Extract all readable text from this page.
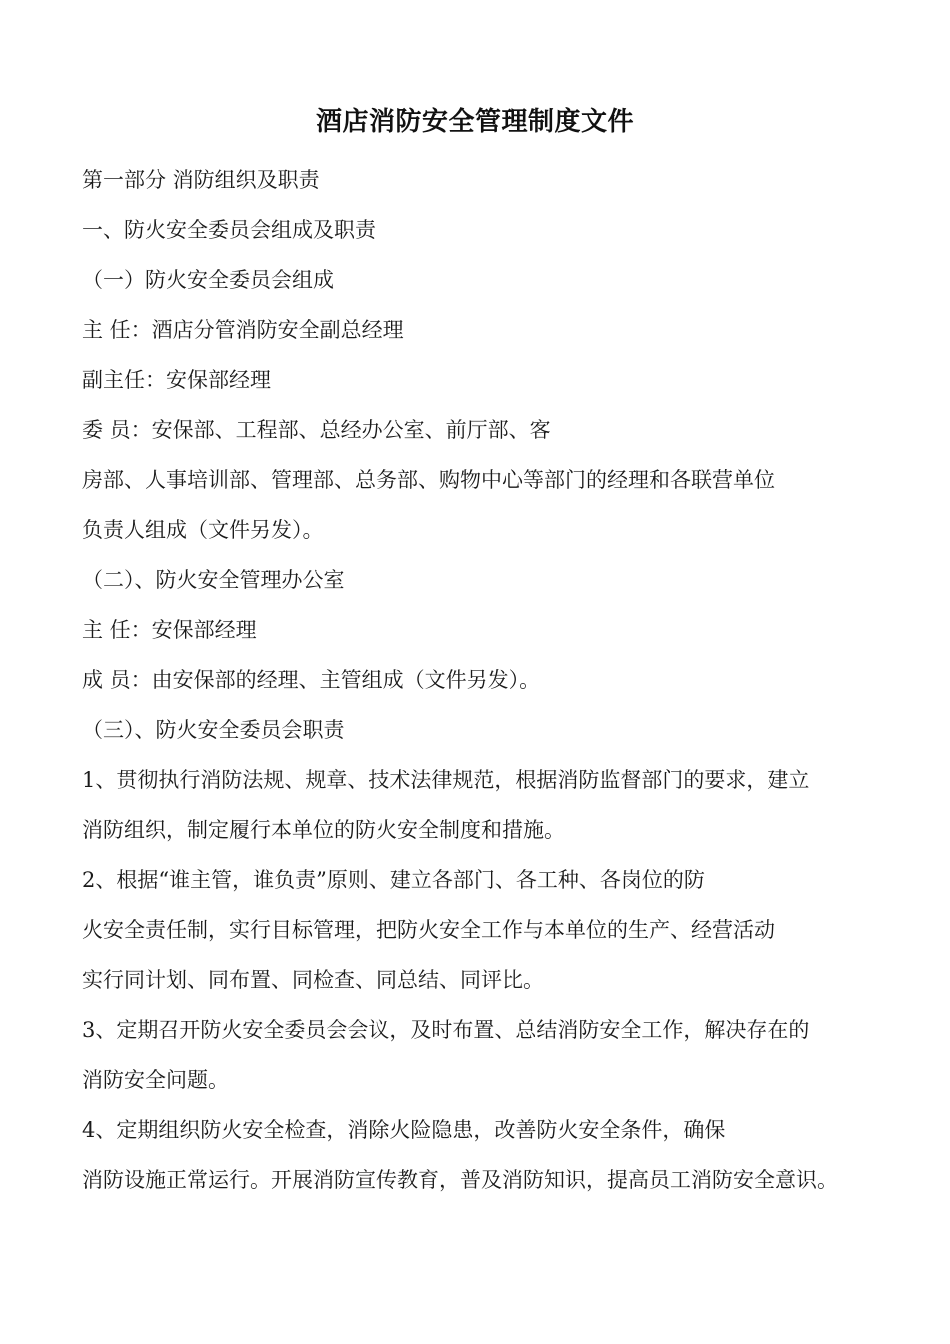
酒店消防安全管理制度文件
第一部分 消防组织及职责
一、防火安全委员会组成及职责
（一）防火安全委员会组成
主 任：酒店分管消防安全副总经理
副主任：安保部经理
委 员：安保部、工程部、总经办公室、前厅部、客
房部、人事培训部、管理部、总务部、购物中心等部门的经理和各联营单位
负责人组成（文件另发）。
（二）、防火安全管理办公室
主 任：安保部经理
成 员：由安保部的经理、主管组成（文件另发）。
（三）、防火安全委员会职责
1、贯彻执行消防法规、规章、技术法律规范，根据消防监督部门的要求，建立
消防组织，制定履行本单位的防火安全制度和措施。
2、根据“谁主管，谁负责”原则、建立各部门、各工种、各岗位的防
火安全责任制，实行目标管理，把防火安全工作与本单位的生产、经营活动
实行同计划、同布置、同检查、同总结、同评比。
3、定期召开防火安全委员会会议，及时布置、总结消防安全工作，解决存在的
消防安全问题。
4、定期组织防火安全检查，消除火险隐患，改善防火安全条件，确保
消防设施正常运行。开展消防宣传教育，普及消防知识，提高员工消防安全意识。
